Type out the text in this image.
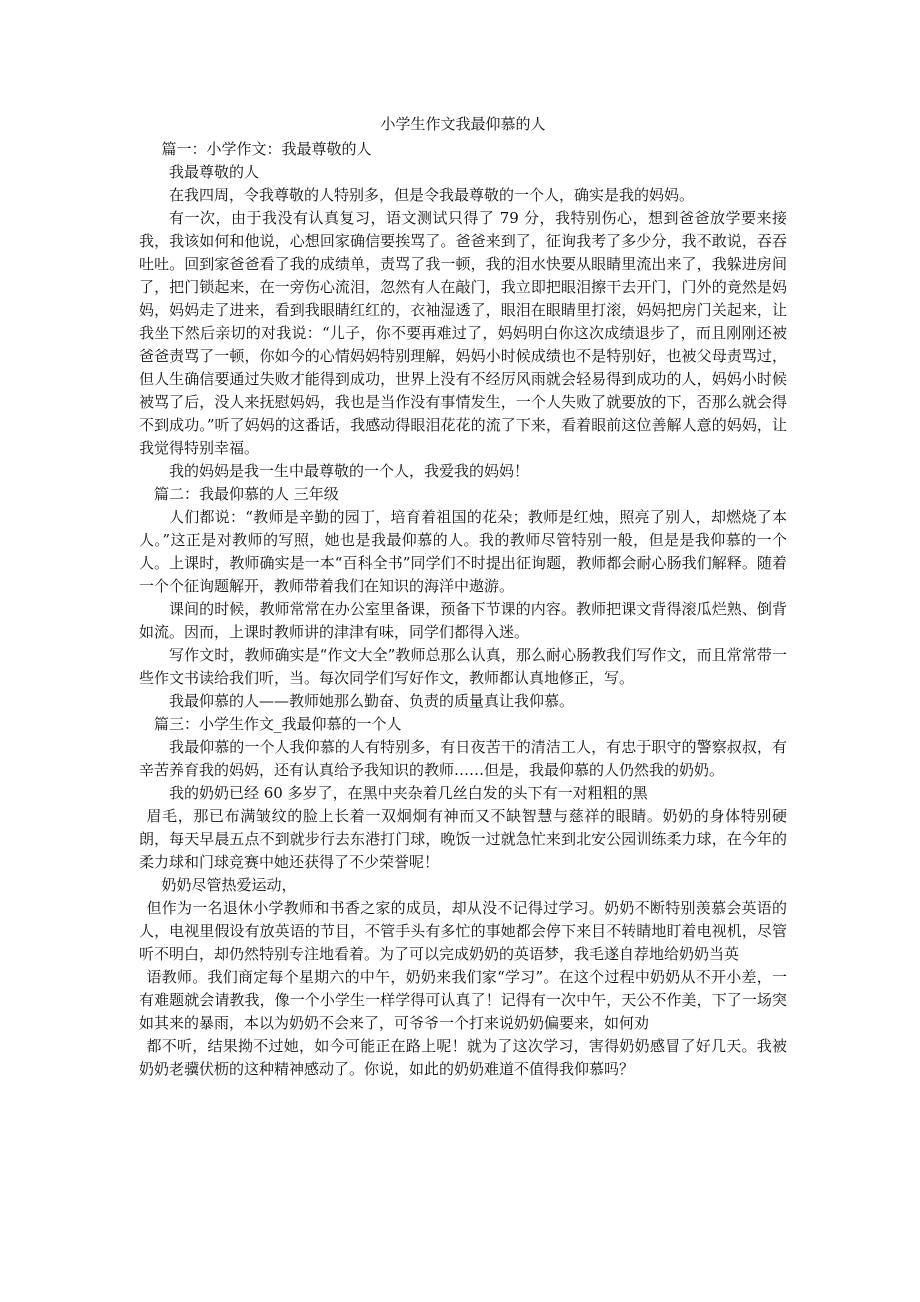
小学生作文我最仰慕的人

篇一：小学作文：我最尊敬的人

我最尊敬的人

在我四周，令我尊敬的人特别多，但是令我最尊敬的一个人，确实是我的妈妈。

有一次，由于我没有认真复习，语文测试只得了 79 分，我特别伤心，想到爸爸放学要来接我，我该如何和他说，心想回家确信要挨骂了。爸爸来到了，征询我考了多少分，我不敢说，吞吞吐吐。回到家爸爸看了我的成绩单，责骂了我一顿，我的泪水快要从眼睛里流出来了，我躲进房间了，把门锁起来，在一旁伤心流泪，忽然有人在敲门，我立即把眼泪擦干去开门，门外的竟然是妈妈，妈妈走了进来，看到我眼睛红红的，衣袖湿透了，眼泪在眼睛里打滚，妈妈把房门关起来，让我坐下然后亲切的对我说：“儿子，你不要再难过了，妈妈明白你这次成绩退步了，而且刚刚还被爸爸责骂了一顿，你如今的心情妈妈特别理解，妈妈小时候成绩也不是特别好，也被父母责骂过，但人生确信要通过失败才能得到成功，世界上没有不经厉风雨就会轻易得到成功的人，妈妈小时候被骂了后，没人来抚慰妈妈，我也是当作没有事情发生，一个人失败了就要放的下，否那么就会得不到成功。”听了妈妈的这番话，我感动得眼泪花花的流了下来，看着眼前这位善解人意的妈妈，让我觉得特别幸福。

我的妈妈是我一生中最尊敬的一个人，我爱我的妈妈！

篇二：我最仰慕的人 三年级

人们都说：“教师是辛勤的园丁，培育着祖国的花朵；教师是红烛，照亮了别人，却燃烧了本人。”这正是对教师的写照，她也是我最仰慕的人。我的教师尽管特别一般，但是是我仰慕的一个人。上课时，教师确实是一本“百科全书”同学们不时提出征询题，教师都会耐心肠我们解释。随着一个个征询题解开，教师带着我们在知识的海洋中遨游。

课间的时候，教师常常在办公室里备课，预备下节课的内容。教师把课文背得滚瓜烂熟、倒背如流。因而，上课时教师讲的津津有味，同学们都得入迷。

写作文时，教师确实是“作文大全”教师总那么认真，那么耐心肠教我们写作文，而且常常带一些作文书读给我们听，当。每次同学们写好作文，教师都认真地修正，写。

我最仰慕的人——教师她那么勤奋、负责的质量真让我仰慕。

篇三：小学生作文_我最仰慕的一个人

我最仰慕的一个人我仰慕的人有特别多，有日夜苦干的清洁工人，有忠于职守的警察叔叔，有辛苦养育我的妈妈，还有认真给予我知识的教师……但是，我最仰慕的人仍然我的奶奶。

我的奶奶已经 60 多岁了，在黑中夹杂着几丝白发的头下有一对粗粗的黑

眉毛，那已布满皱纹的脸上长着一双炯炯有神而又不缺智慧与慈祥的眼睛。奶奶的身体特别硬朗，每天早晨五点不到就步行去东港打门球，晚饭一过就急忙来到北安公园训练柔力球，在今年的柔力球和门球竞赛中她还获得了不少荣誉呢！

奶奶尽管热爱运动，

但作为一名退休小学教师和书香之家的成员，却从没不记得过学习。奶奶不断特别羡慕会英语的人，电视里假设有放英语的节目，不管手头有多忙的事她都会停下来目不转睛地盯着电视机，尽管听不明白，却仍然特别专注地看着。为了可以完成奶奶的英语梦，我毛遂自荐地给奶奶当英

语教师。我们商定每个星期六的中午，奶奶来我们家“学习”。在这个过程中奶奶从不开小差，一有难题就会请教我，像一个小学生一样学得可认真了！记得有一次中午，天公不作美，下了一场突如其来的暴雨，本以为奶奶不会来了，可爷爷一个打来说奶奶偏要来，如何劝

都不听，结果拗不过她，如今可能正在路上呢！就为了这次学习，害得奶奶感冒了好几天。我被奶奶老骥伏枥的这种精神感动了。你说，如此的奶奶难道不值得我仰慕吗？
